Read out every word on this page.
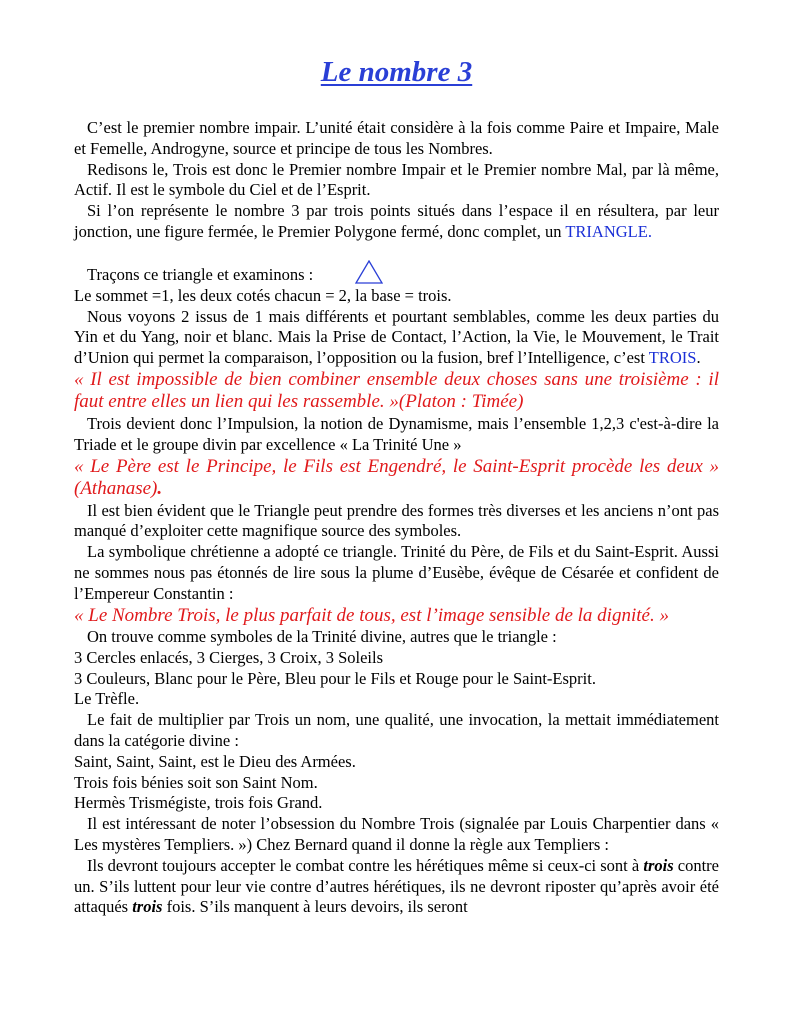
Le nombre 3

C’est le premier nombre impair. L’unité était considère à la fois comme Paire et Impaire, Male et Femelle, Androgyne, source et principe de tous les Nombres.

Redisons le, Trois est donc le Premier nombre Impair et le Premier nombre Mal, par là même, Actif. Il est le symbole du Ciel et de l’Esprit.

Si l’on représente le nombre 3 par trois points situés dans l’espace il en résultera, par leur jonction, une figure fermée, le Premier Polygone fermé, donc complet, un TRIANGLE.

Traçons ce triangle et examinons :

Le sommet =1, les deux cotés chacun = 2, la base = trois.

Nous voyons 2 issus de 1 mais différents et pourtant semblables, comme les deux parties du Yin et du Yang, noir et blanc. Mais la Prise de Contact, l’Action, la Vie, le Mouvement, le Trait d’Union qui permet la comparaison, l’opposition ou la fusion, bref l’Intelligence, c’est TROIS.

« Il est impossible de bien combiner ensemble deux choses sans une troisième : il faut entre elles un lien qui les rassemble. »(Platon : Timée)

Trois devient donc l’Impulsion, la notion de Dynamisme, mais l’ensemble 1,2,3 c'est-à-dire la Triade et le groupe divin par excellence « La Trinité Une »

« Le Père est le Principe, le Fils est Engendré, le Saint-Esprit procède les deux » (Athanase).

Il est bien évident que le Triangle peut prendre des formes très diverses et les anciens n’ont pas manqué d’exploiter cette magnifique source des symboles.

La symbolique chrétienne a adopté ce triangle. Trinité du Père, de Fils et du Saint-Esprit. Aussi ne sommes nous pas étonnés de lire sous la plume d’Eusèbe, évêque de Césarée et confident de l’Empereur Constantin :

« Le Nombre Trois, le plus parfait de tous, est l’image sensible de la dignité. »

On trouve comme symboles de la Trinité divine, autres que le triangle :

3 Cercles enlacés, 3 Cierges, 3 Croix, 3 Soleils

3 Couleurs, Blanc pour le Père, Bleu pour le Fils et Rouge pour le Saint-Esprit.

Le Trèfle.

Le fait de multiplier par Trois un nom, une qualité, une invocation, la mettait immédiatement dans la catégorie divine :

Saint, Saint, Saint, est le Dieu des Armées.

Trois fois bénies soit son Saint Nom.

Hermès Trismégiste, trois fois Grand.

Il est intéressant de noter l’obsession du Nombre Trois (signalée par Louis Charpentier dans « Les mystères Templiers. ») Chez Bernard quand il donne la règle aux Templiers :

Ils devront toujours accepter le combat contre les hérétiques même si ceux-ci sont à trois contre un. S’ils luttent pour leur vie contre d’autres hérétiques, ils ne devront riposter qu’après avoir été attaqués trois fois. S’ils manquent à leurs devoirs, ils seront
